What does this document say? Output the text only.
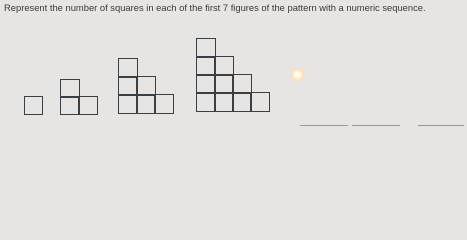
Represent the number of squares in each of the first 7 figures of the pattern with a numeric sequence.
